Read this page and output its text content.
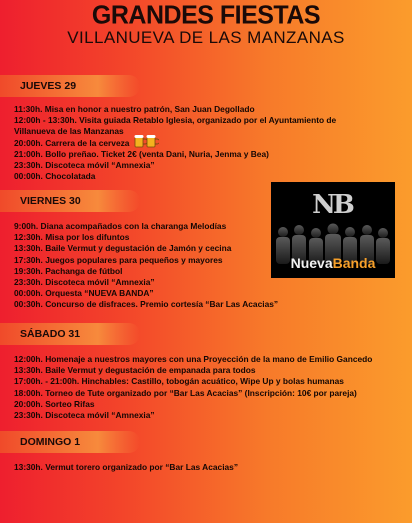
GRANDES FIESTAS
VILLANUEVA DE LAS MANZANAS
JUEVES 29
11:30h. Misa en honor a nuestro patrón, San Juan Degollado
12:00h - 13:30h. Visita guiada Retablo Iglesia, organizado por el Ayuntamiento de
Villanueva de las Manzanas
20:00h. Carrera de la cerveza
21:00h. Bollo preñao. Ticket 2€ (venta Dani, Nuria, Jenma y Bea)
23:30h. Discoteca móvil “Amnexia”
00:00h. Chocolatada
VIERNES 30
9:00h. Diana acompañados con la charanga Melodías
12:30h. Misa por los difuntos
13:30h. Baile Vermut y degustación de Jamón y cecina
17:30h. Juegos populares para pequeños y mayores
19:30h. Pachanga de fútbol
23:30h. Discoteca móvil “Amnexia”
00:00h. Orquesta “NUEVA BANDA”
00:30h. Concurso de disfraces. Premio cortesía “Bar Las Acacias”
NB
NuevaBanda
SÁBADO 31
12:00h. Homenaje a nuestros mayores con una Proyección de la mano de Emilio Gancedo
13:30h. Baile Vermut y degustación de empanada para todos
17:00h. - 21:00h. Hinchables: Castillo, tobogán acuático, Wipe Up y bolas humanas
18:00h. Torneo de Tute organizado por “Bar Las Acacias” (Inscripción: 10€ por pareja)
20:00h. Sorteo Rifas
23:30h. Discoteca móvil “Amnexia”
DOMINGO 1
13:30h. Vermut torero organizado por “Bar Las Acacias”
